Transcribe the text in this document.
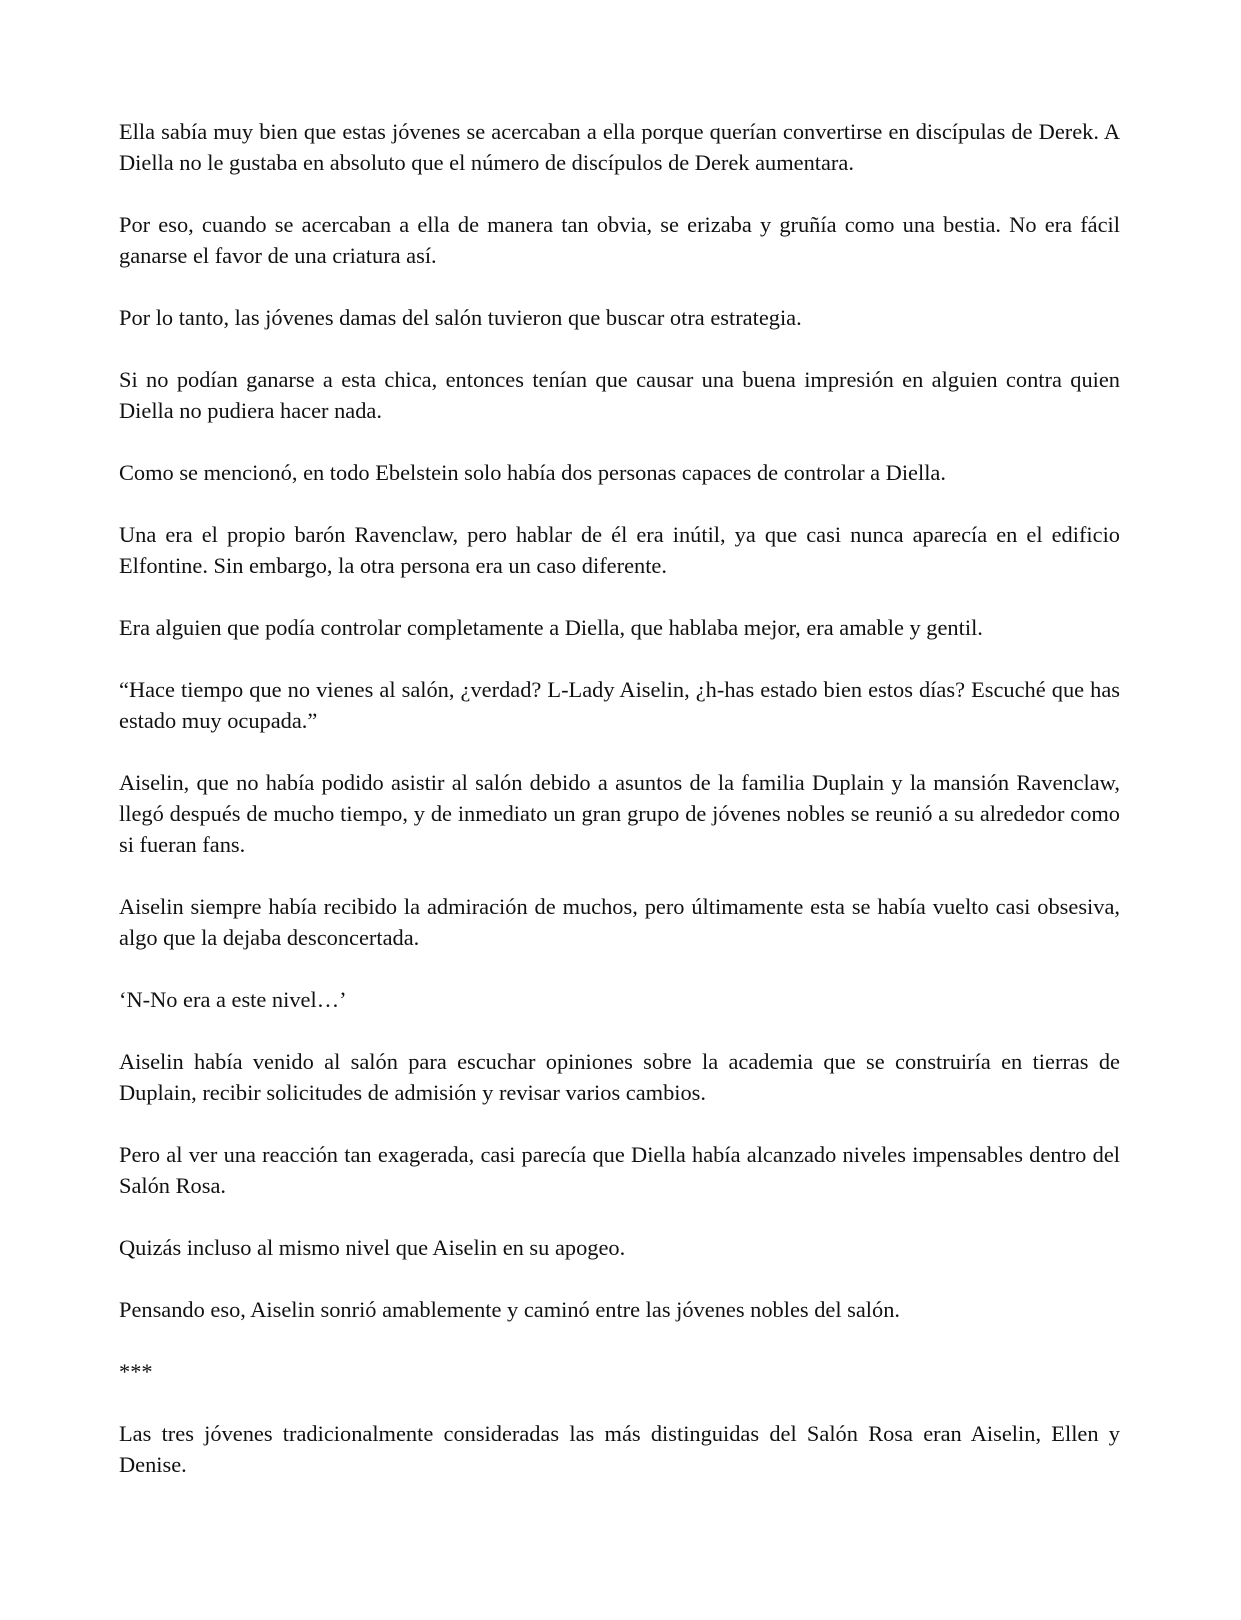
Ella sabía muy bien que estas jóvenes se acercaban a ella porque querían convertirse en discípulas de Derek. A Diella no le gustaba en absoluto que el número de discípulos de Derek aumentara.

Por eso, cuando se acercaban a ella de manera tan obvia, se erizaba y gruñía como una bestia. No era fácil ganarse el favor de una criatura así.

Por lo tanto, las jóvenes damas del salón tuvieron que buscar otra estrategia.

Si no podían ganarse a esta chica, entonces tenían que causar una buena impresión en alguien contra quien Diella no pudiera hacer nada.

Como se mencionó, en todo Ebelstein solo había dos personas capaces de controlar a Diella.

Una era el propio barón Ravenclaw, pero hablar de él era inútil, ya que casi nunca aparecía en el edificio Elfontine. Sin embargo, la otra persona era un caso diferente.

Era alguien que podía controlar completamente a Diella, que hablaba mejor, era amable y gentil.

“Hace tiempo que no vienes al salón, ¿verdad? L-Lady Aiselin, ¿h-has estado bien estos días? Escuché que has estado muy ocupada.”

Aiselin, que no había podido asistir al salón debido a asuntos de la familia Duplain y la mansión Ravenclaw, llegó después de mucho tiempo, y de inmediato un gran grupo de jóvenes nobles se reunió a su alrededor como si fueran fans.

Aiselin siempre había recibido la admiración de muchos, pero últimamente esta se había vuelto casi obsesiva, algo que la dejaba desconcertada.

‘N-No era a este nivel…’

Aiselin había venido al salón para escuchar opiniones sobre la academia que se construiría en tierras de Duplain, recibir solicitudes de admisión y revisar varios cambios.

Pero al ver una reacción tan exagerada, casi parecía que Diella había alcanzado niveles impensables dentro del Salón Rosa.

Quizás incluso al mismo nivel que Aiselin en su apogeo.

Pensando eso, Aiselin sonrió amablemente y caminó entre las jóvenes nobles del salón.

***

Las tres jóvenes tradicionalmente consideradas las más distinguidas del Salón Rosa eran Aiselin, Ellen y Denise.
